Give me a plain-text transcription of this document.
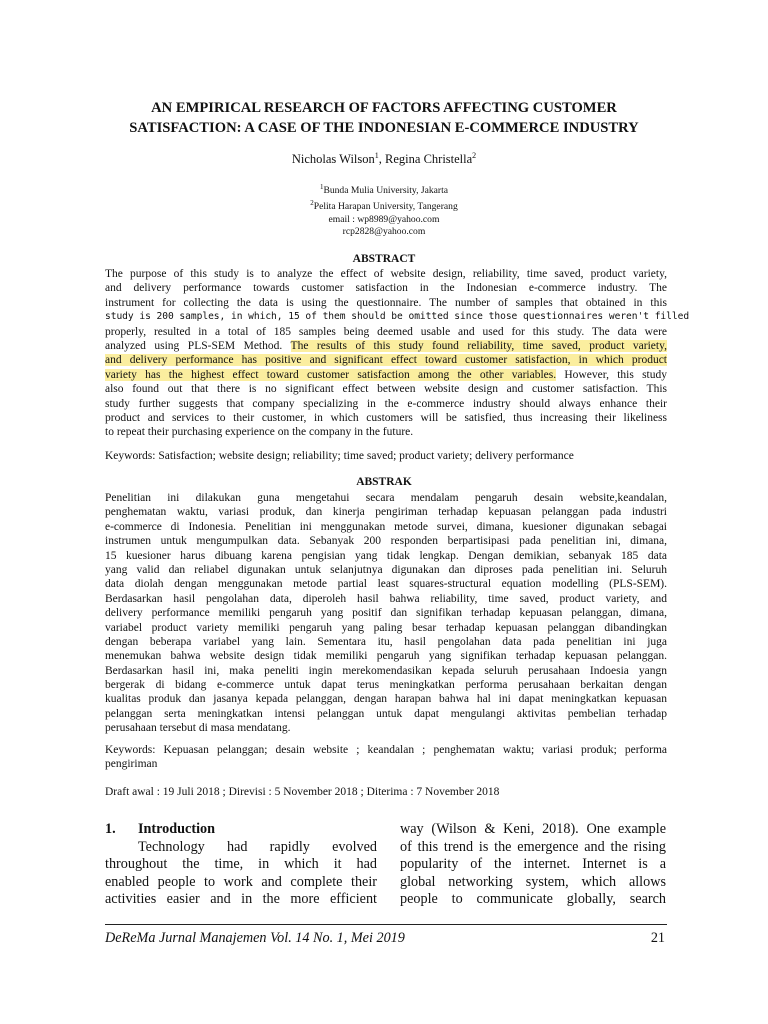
AN EMPIRICAL RESEARCH OF FACTORS AFFECTING CUSTOMER
SATISFACTION: A CASE OF THE INDONESIAN E-COMMERCE INDUSTRY
Nicholas Wilson$^1$, Regina Christella$^2$
$^1$Bunda Mulia University, Jakarta
$^2$Pelita Harapan University, Tangerang
email : wp8989@yahoo.com
rcp2828@yahoo.com
ABSTRACT
The purpose of this study is to analyze the effect of website design, reliability, time saved, product variety,
and delivery performance towards customer satisfaction in the Indonesian e-commerce industry. The
instrument for collecting the data is using the questionnaire. The number of samples that obtained in this
study is 200 samples, in which, 15 of them should be omitted since those questionnaires weren't filled
properly, resulted in a total of 185 samples being deemed usable and used for this study. The data were
analyzed using PLS-SEM Method. The results of this study found reliability, time saved, product variety,
and delivery performance has positive and significant effect toward customer satisfaction, in which product
variety has the highest effect toward customer satisfaction among the other variables. However, this study
also found out that there is no significant effect between website design and customer satisfaction. This
study further suggests that company specializing in the e-commerce industry should always enhance their
product and services to their customer, in which customers will be satisfied, thus increasing their likeliness
to repeat their purchasing experience on the company in the future.
Keywords: Satisfaction; website design; reliability; time saved; product variety; delivery performance
ABSTRAK
Penelitian ini dilakukan guna mengetahui secara mendalam pengaruh desain website,keandalan,
penghematan waktu, variasi produk, dan kinerja pengiriman terhadap kepuasan pelanggan pada industri
e-commerce di Indonesia. Penelitian ini menggunakan metode survei, dimana, kuesioner digunakan sebagai
instrumen untuk mengumpulkan data. Sebanyak 200 responden berpartisipasi pada penelitian ini, dimana,
15 kuesioner harus dibuang karena pengisian yang tidak lengkap. Dengan demikian, sebanyak 185 data
yang valid dan reliabel digunakan untuk selanjutnya digunakan dan diproses pada penelitian ini. Seluruh
data diolah dengan menggunakan metode partial least squares-structural equation modelling (PLS-SEM).
Berdasarkan hasil pengolahan data, diperoleh hasil bahwa reliability, time saved, product variety, and
delivery performance memiliki pengaruh yang positif dan signifikan terhadap kepuasan pelanggan, dimana,
variabel product variety memiliki pengaruh yang paling besar terhadap kepuasan pelanggan dibandingkan
dengan beberapa variabel yang lain. Sementara itu, hasil pengolahan data pada penelitian ini juga
menemukan bahwa website design tidak memiliki pengaruh yang signifikan terhadap kepuasan pelanggan.
Berdasarkan hasil ini, maka peneliti ingin merekomendasikan kepada seluruh perusahaan Indoesia yangn
bergerak di bidang e-commerce untuk dapat terus meningkatkan performa perusahaan berkaitan dengan
kualitas produk dan jasanya kepada pelanggan, dengan harapan bahwa hal ini dapat meningkatkan kepuasan
pelanggan serta meningkatkan intensi pelanggan untuk dapat mengulangi aktivitas pembelian terhadap
perusahaan tersebut di masa mendatang.
Keywords: Kepuasan pelanggan; desain website ; keandalan ; penghematan waktu; variasi produk; performa
pengiriman
Draft awal : 19 Juli 2018 ; Direvisi : 5 November 2018 ; Diterima : 7 November 2018
1. Introduction
Technology had rapidly evolved
throughout the time, in which it had
enabled people to work and complete their
activities easier and in the more efficient
way (Wilson & Keni, 2018). One example
of this trend is the emergence and the rising
popularity of the internet. Internet is a
global networking system, which allows
people to communicate globally, search
DeReMa Jurnal Manajemen Vol. 14 No. 1, Mei 2019	21
